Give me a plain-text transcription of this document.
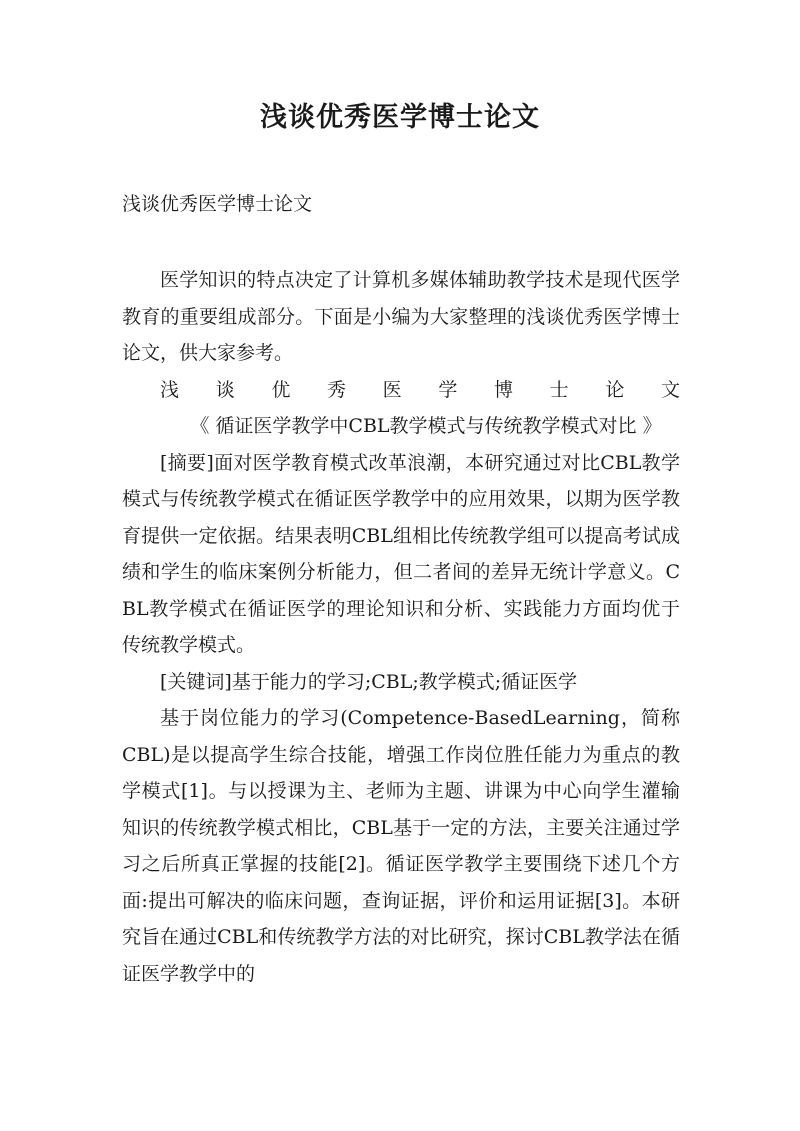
浅谈优秀医学博士论文
浅谈优秀医学博士论文

医学知识的特点决定了计算机多媒体辅助教学技术是现代医学教育的重要组成部分。下面是小编为大家整理的浅谈优秀医学博士论文，供大家参考。

浅谈优秀医学博士论文《 循证医学教学中CBL教学模式与传统教学模式对比 》

[摘要]面对医学教育模式改革浪潮，本研究通过对比CBL教学模式与传统教学模式在循证医学教学中的应用效果，以期为医学教育提供一定依据。结果表明CBL组相比传统教学组可以提高考试成绩和学生的临床案例分析能力，但二者间的差异无统计学意义。CBL教学模式在循证医学的理论知识和分析、实践能力方面均优于传统教学模式。

[关键词]基于能力的学习;CBL;教学模式;循证医学

基于岗位能力的学习(Competence-BasedLearning，简称CBL)是以提高学生综合技能，增强工作岗位胜任能力为重点的教学模式[1]。与以授课为主、老师为主题、讲课为中心向学生灌输知识的传统教学模式相比，CBL基于一定的方法，主要关注通过学习之后所真正掌握的技能[2]。循证医学教学主要围绕下述几个方面:提出可解决的临床问题，查询证据，评价和运用证据[3]。本研究旨在通过CBL和传统教学方法的对比研究，探讨CBL教学法在循证医学教学中的
